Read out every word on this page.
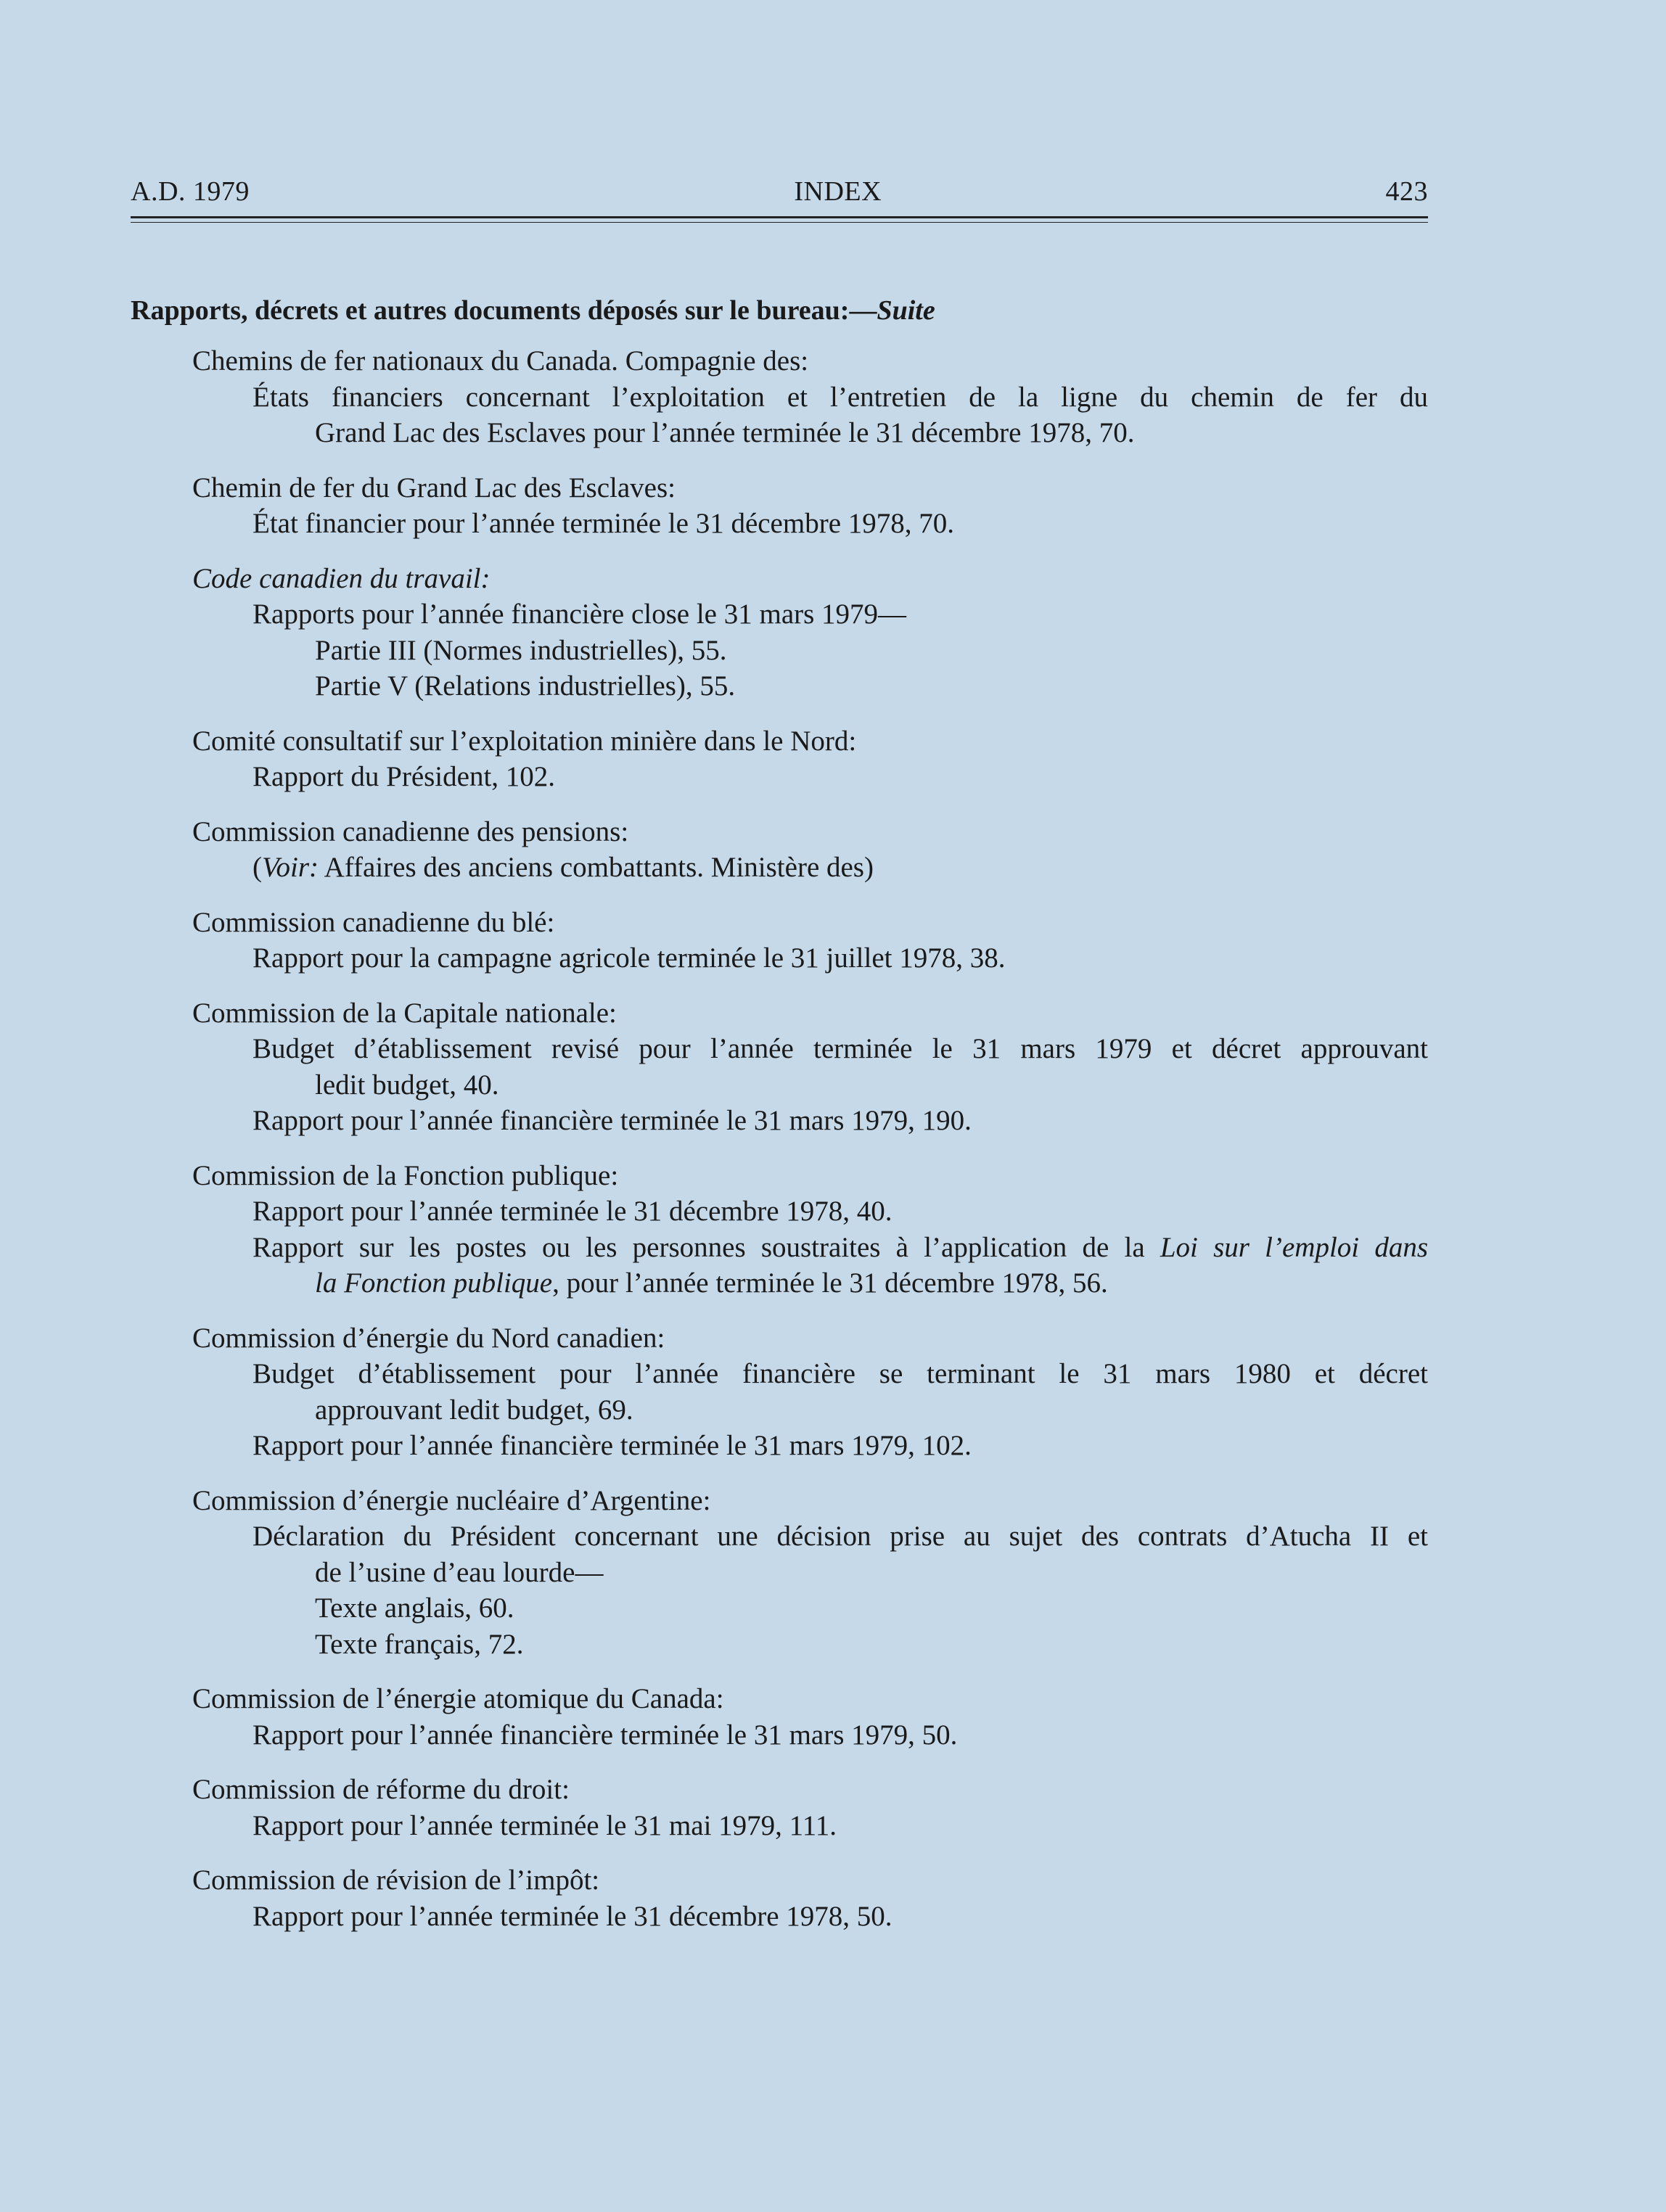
A.D. 1979	INDEX	423
Rapports, décrets et autres documents déposés sur le bureau:—Suite
Chemins de fer nationaux du Canada. Compagnie des:
États financiers concernant l’exploitation et l’entretien de la ligne du chemin de fer du
Grand Lac des Esclaves pour l’année terminée le 31 décembre 1978, 70.
Chemin de fer du Grand Lac des Esclaves:
État financier pour l’année terminée le 31 décembre 1978, 70.
Code canadien du travail:
Rapports pour l’année financière close le 31 mars 1979—
Partie III (Normes industrielles), 55.
Partie V (Relations industrielles), 55.
Comité consultatif sur l’exploitation minière dans le Nord:
Rapport du Président, 102.
Commission canadienne des pensions:
(Voir: Affaires des anciens combattants. Ministère des)
Commission canadienne du blé:
Rapport pour la campagne agricole terminée le 31 juillet 1978, 38.
Commission de la Capitale nationale:
Budget d’établissement revisé pour l’année terminée le 31 mars 1979 et décret approuvant
ledit budget, 40.
Rapport pour l’année financière terminée le 31 mars 1979, 190.
Commission de la Fonction publique:
Rapport pour l’année terminée le 31 décembre 1978, 40.
Rapport sur les postes ou les personnes soustraites à l’application de la Loi sur l’emploi dans
la Fonction publique, pour l’année terminée le 31 décembre 1978, 56.
Commission d’énergie du Nord canadien:
Budget d’établissement pour l’année financière se terminant le 31 mars 1980 et décret
approuvant ledit budget, 69.
Rapport pour l’année financière terminée le 31 mars 1979, 102.
Commission d’énergie nucléaire d’Argentine:
Déclaration du Président concernant une décision prise au sujet des contrats d’Atucha II et
de l’usine d’eau lourde—
Texte anglais, 60.
Texte français, 72.
Commission de l’énergie atomique du Canada:
Rapport pour l’année financière terminée le 31 mars 1979, 50.
Commission de réforme du droit:
Rapport pour l’année terminée le 31 mai 1979, 111.
Commission de révision de l’impôt:
Rapport pour l’année terminée le 31 décembre 1978, 50.
